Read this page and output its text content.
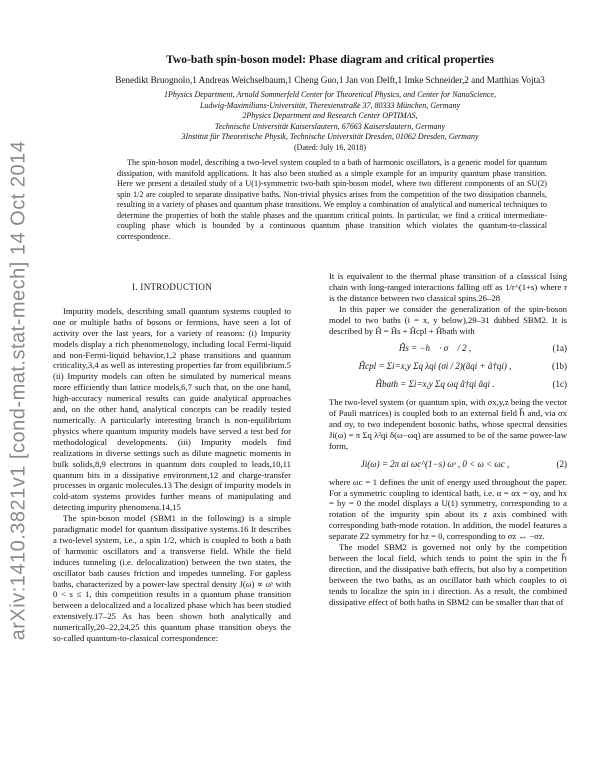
arXiv:1410.3821v1 [cond-mat.stat-mech] 14 Oct 2014
Two-bath spin-boson model: Phase diagram and critical properties

Benedikt Bruognolo,1 Andreas Weichselbaum,1 Cheng Guo,1 Jan von Delft,1 Imke Schneider,2 and Matthias Vojta3

1Physics Department, Arnold Sommerfeld Center for Theoretical Physics, and Center for NanoScience,
Ludwig-Maximilians-Universität, Theresienstraße 37, 80333 München, Germany
2Physics Department and Research Center OPTIMAS,
Technische Universität Kaiserslautern, 67663 Kaiserslautern, Germany
3Institut für Theoretische Physik, Technische Universität Dresden, 01062 Dresden, Germany
(Dated: July 16, 2018)

The spin-boson model, describing a two-level system coupled to a bath of harmonic oscillators, is a generic model for quantum dissipation, with manifold applications. It has also been studied as a simple example for an impurity quantum phase transition. Here we present a detailed study of a U(1)-symmetric two-bath spin-boson model, where two different components of an SU(2) spin 1/2 are coupled to separate dissipative baths. Non-trivial physics arises from the competition of the two dissipation channels, resulting in a variety of phases and quantum phase transitions. We employ a combination of analytical and numerical techniques to determine the properties of both the stable phases and the quantum critical points. In particular, we find a critical intermediate-coupling phase which is bounded by a continuous quantum phase transition which violates the quantum-to-classical correspondence.

I. INTRODUCTION

Impurity models, describing small quantum systems coupled to one or multiple baths of bosons or fermions, have seen a lot of activity over the last years, for a variety of reasons: (i) Impurity models display a rich phenomenology, including local Fermi-liquid and non-Fermi-liquid behavior,1,2 phase transitions and quantum criticality,3,4 as well as interesting properties far from equilibrium.5 (ii) Impurity models can often be simulated by numerical means more efficiently than lattice models,6,7 such that, on the one hand, high-accuracy numerical results can guide analytical approaches and, on the other hand, analytical concepts can be readily tested numerically. A particularly interesting branch is non-equilibrium physics where quantum impurity models have served a test bed for methodological developments. (iii) Impurity models find realizations in diverse settings such as dilute magnetic moments in bulk solids,8,9 electrons in quantum dots coupled to leads,10,11 quantum bits in a dissipative environment,12 and charge-transfer processes in organic molecules.13 The design of impurity models in cold-atom systems provides further means of manipulating and detecting impurity phenomena.14,15

The spin-boson model (SBM1 in the following) is a simple paradigmatic model for quantum dissipative systems.16 It describes a two-level system, i.e., a spin 1/2, which is coupled to both a bath of harmonic oscillators and a transverse field. While the field induces tunneling (i.e. delocalization) between the two states, the oscillator bath causes friction and impedes tunneling. For gapless baths, characterized by a power-law spectral density J(ω) ∝ ωˢ with 0 < s ≤ 1, this competition results in a quantum phase transition between a delocalized and a localized phase which has been studied extensively.17–25 As has been shown both analytically and numerically,20–22,24,25 this quantum phase transition obeys the so-called quantum-to-classical correspondence:

It is equivalent to the thermal phase transition of a classical Ising chain with long-ranged interactions falling off as 1/r^(1+s) where r is the distance between two classical spins.26–28

In this paper we consider the generalization of the spin-boson model to two baths (i = x, y below),29–31 dubbed SBM2. It is described by Ĥ = Ĥs + Ĥcpl + Ĥbath with

Ĥs = −h⃗ · σ⃗ / 2 ,	(1a)
Ĥcpl = Σi=x,y Σq λqi (σi / 2)(âqi + â†qi) ,	(1b)
Ĥbath = Σi=x,y Σq ωq â†qi âqi .	(1c)

The two-level system (or quantum spin, with σx,y,z being the vector of Pauli matrices) is coupled both to an external field h⃗ and, via σx and σy, to two independent bosonic baths, whose spectral densities Ji(ω) = π Σq λ²qi δ(ω−ωq) are assumed to be of the same power-law form,

Ji(ω) = 2π αi ωc^(1−s) ωˢ , 0 < ω < ωc ,	(2)

where ωc = 1 defines the unit of energy used throughout the paper. For a symmetric coupling to identical bath, i.e. α = αx = αy, and hx = hy = 0 the model displays a U(1) symmetry, corresponding to a rotation of the impurity spin about its z axis combined with corresponding bath-mode rotation. In addition, the model features a separate Z2 symmetry for hz = 0, corresponding to σz ↔ −σz.

The model SBM2 is governed not only by the competition between the local field, which tends to point the spin in the h⃗ direction, and the dissipative bath effects, but also by a competition between the two baths, as an oscillator bath which couples to σi tends to localize the spin in i direction. As a result, the combined dissipative effect of both baths in SBM2 can be smaller than that of
